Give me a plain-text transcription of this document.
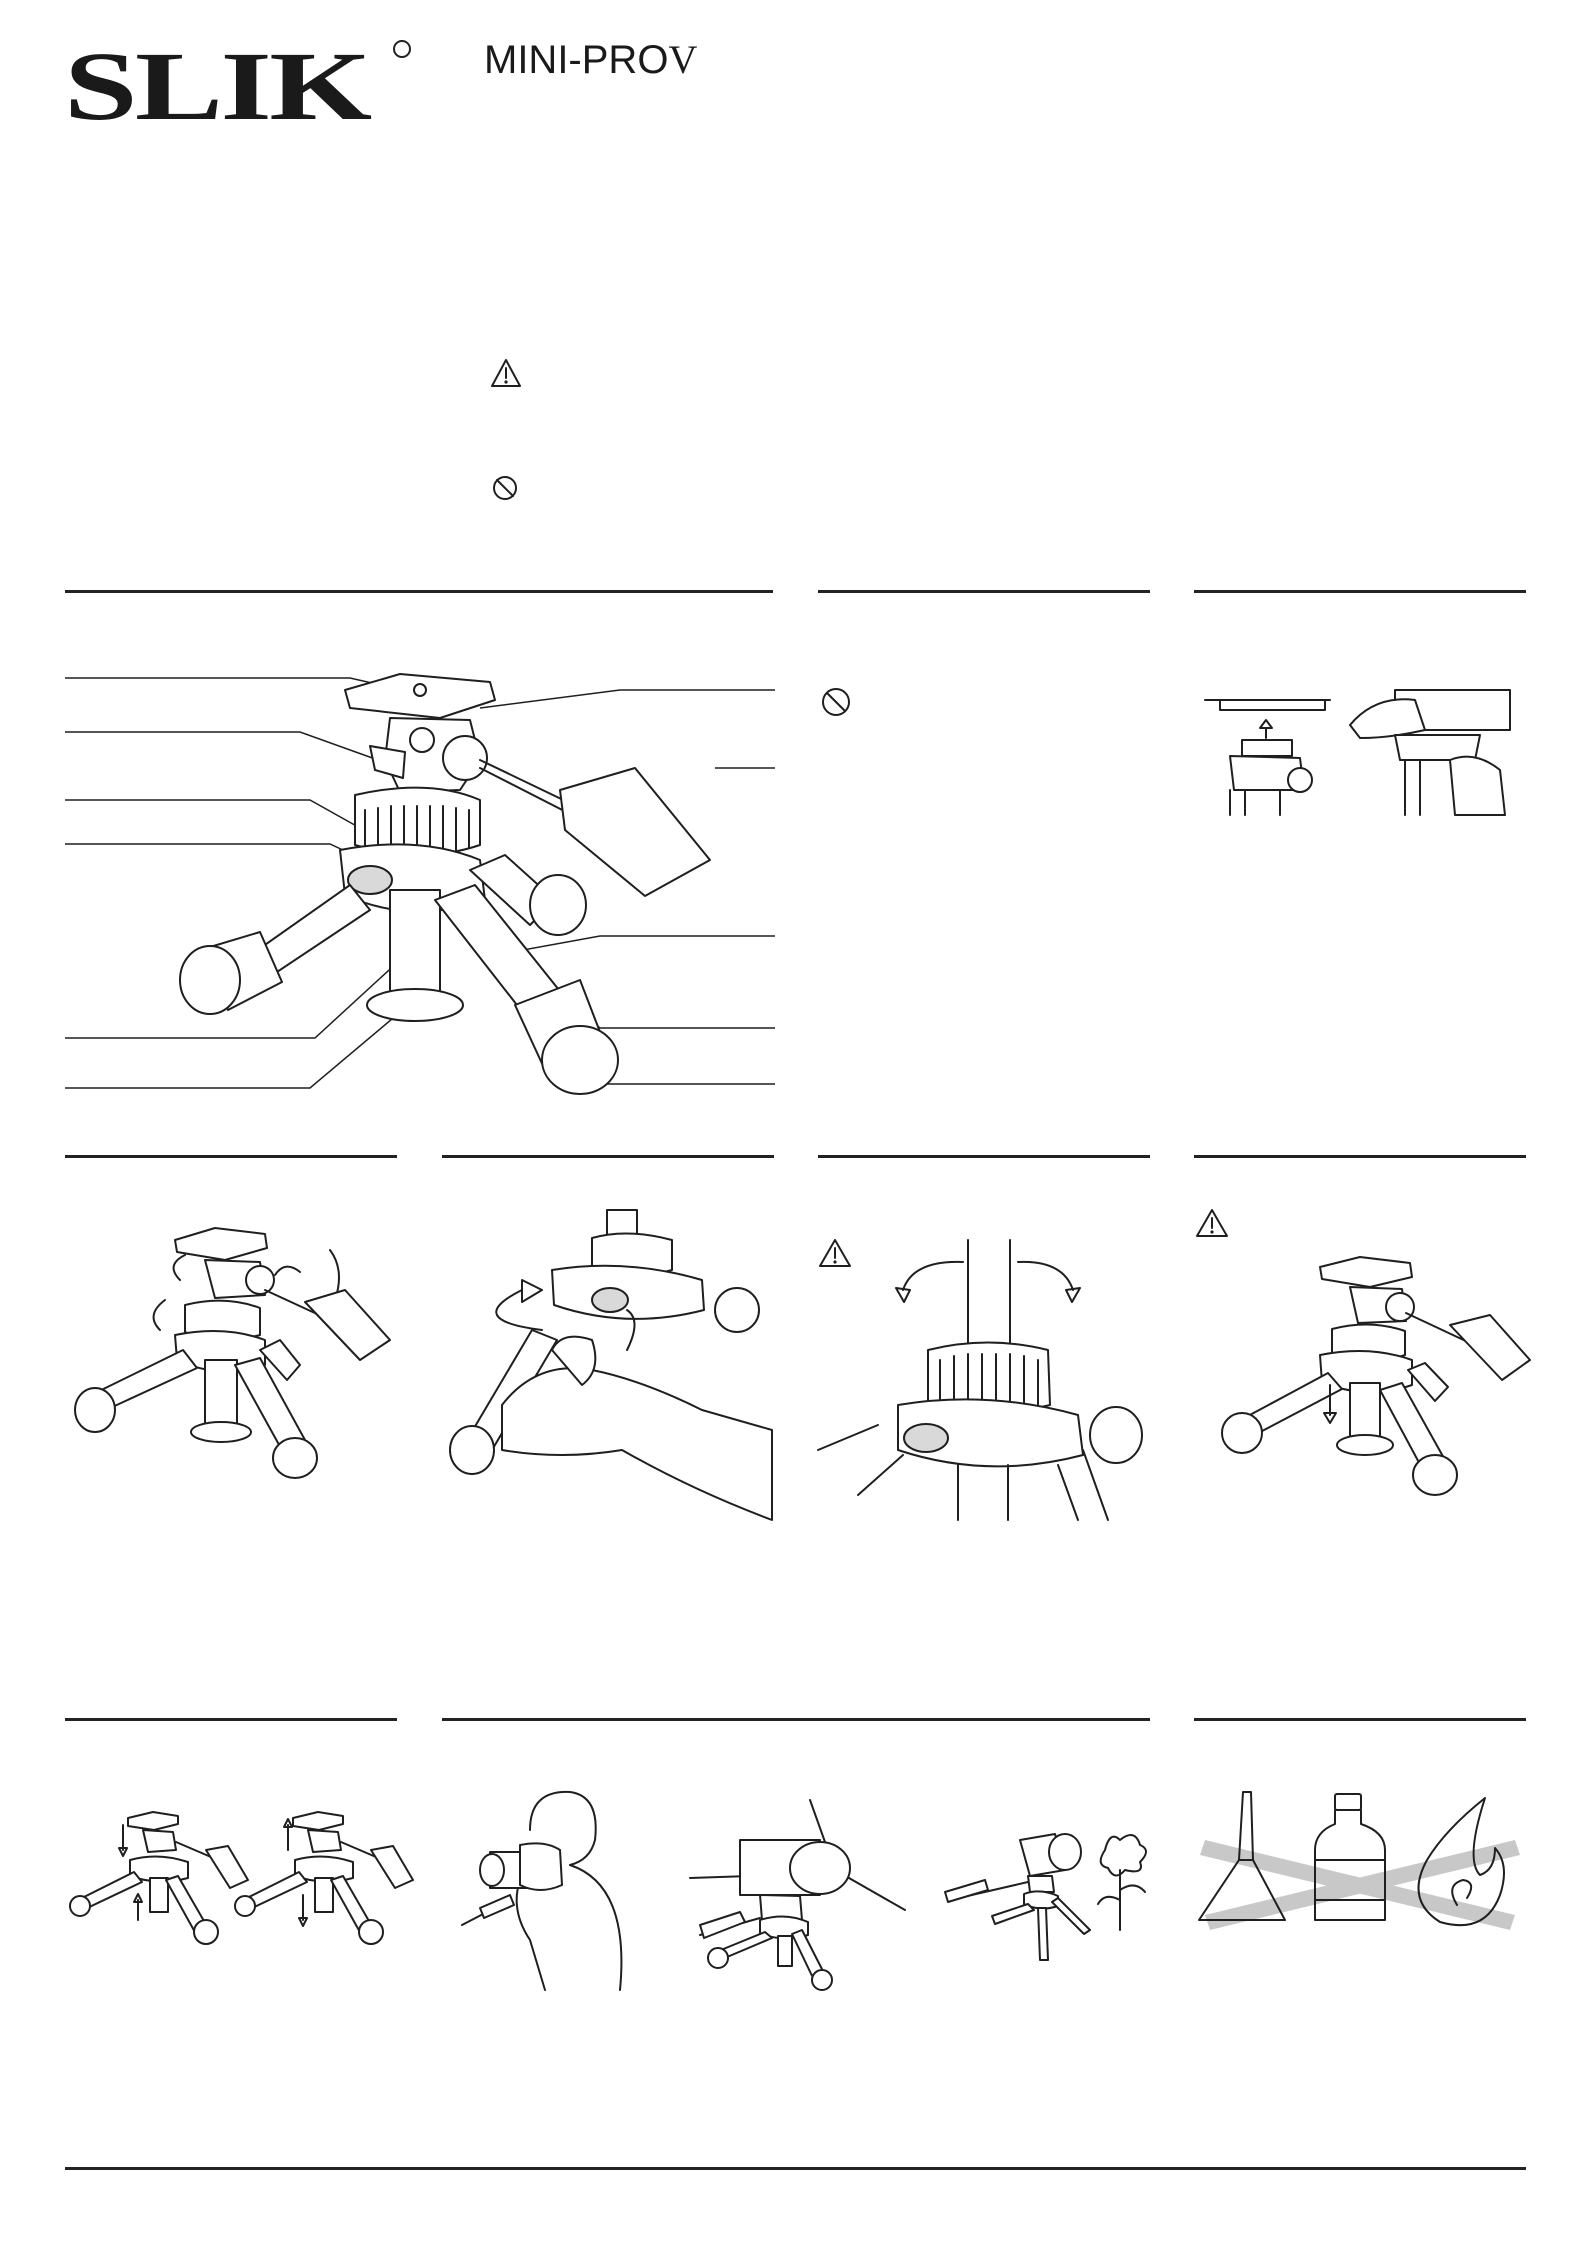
SLIK	MINI-PROV
